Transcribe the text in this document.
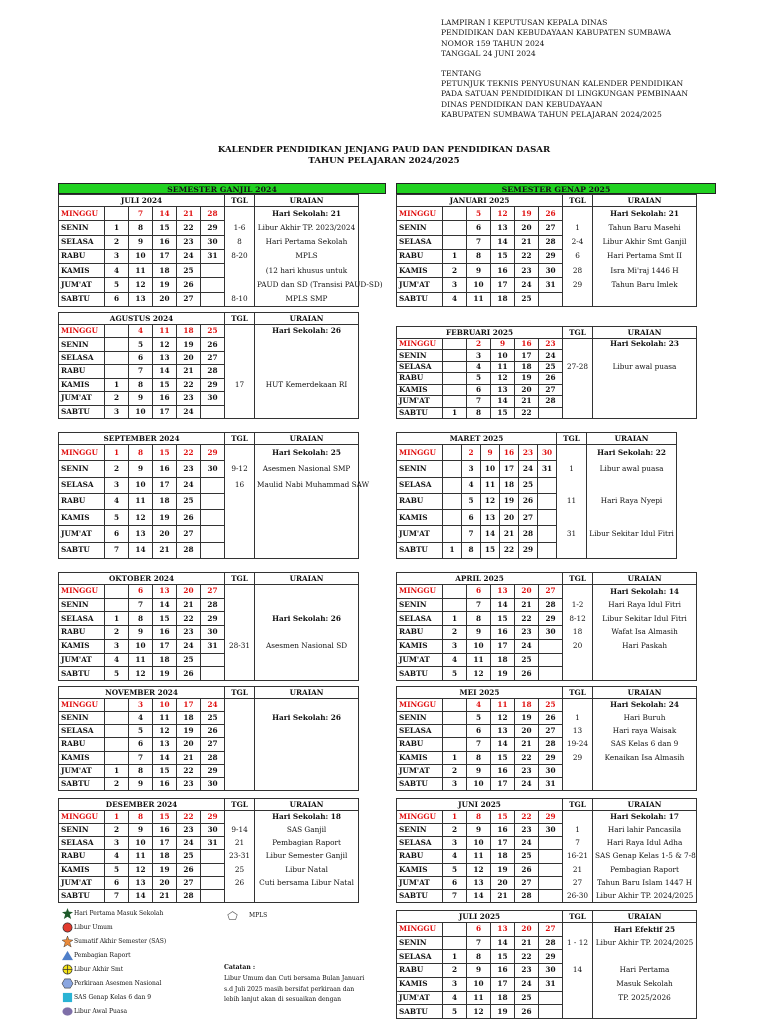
LAMPIRAN I KEPUTUSAN KEPALA DINAS
PENDIDIKAN DAN KEBUDAYAAN KABUPATEN SUMBAWA
NOMOR 159 TAHUN 2024
TANGGAL 24 JUNI 2024
TENTANG
PETUNJUK TEKNIS PENYUSUNAN KALENDER PENDIDIKAN
PADA SATUAN PENDIDIDIKAN DI LINGKUNGAN PEMBINAAN
DINAS PENDIDIKAN DAN KEBUDAYAAN
KABUPATEN SUMBAWA TAHUN PELAJARAN 2024/2025
KALENDER PENDIDIKAN JENJANG PAUD DAN PENDIDIKAN DASAR
TAHUN PELAJARAN 2024/2025
SEMESTER GANJIL 2024	SEMESTER GENAP 2025
JULI 2024						TGL	URAIAN
MINGGU		7	14	21	28		Hari Sekolah: 21
SENIN	1	8	15	22	29	1-6	Libur Akhir TP. 2023/2024
SELASA	2	9	16	23	30	8	Hari Pertama Sekolah
RABU	3	10	17	24	31	8-20	MPLS
KAMIS	4	11	18	25			(12 hari khusus untuk
JUM'AT	5	12	19	26			PAUD dan SD (Transisi PAUD-SD)
SABTU	6	13	20	27		8-10	MPLS SMP
AGUSTUS 2024						TGL	URAIAN
MINGGU		4	11	18	25		Hari Sekolah: 26
SENIN		5	12	19	26		
SELASA		6	13	20	27		
RABU		7	14	21	28		
KAMIS	1	8	15	22	29	17	HUT Kemerdekaan RI
JUM'AT	2	9	16	23	30		
SABTU	3	10	17	24			
SEPTEMBER 2024						TGL	URAIAN
MINGGU	1	8	15	22	29		Hari Sekolah: 25
SENIN	2	9	16	23	30	9-12	Asesmen Nasional SMP
SELASA	3	10	17	24		16	Maulid Nabi Muhammad SAW
RABU	4	11	18	25			
KAMIS	5	12	19	26			
JUM'AT	6	13	20	27			
SABTU	7	14	21	28			
OKTOBER 2024						TGL	URAIAN
MINGGU		6	13	20	27		
SENIN		7	14	21	28		
SELASA	1	8	15	22	29		Hari Sekolah: 26
RABU	2	9	16	23	30		
KAMIS	3	10	17	24	31	28-31	Asesmen Nasional SD
JUM'AT	4	11	18	25			
SABTU	5	12	19	26			
NOVEMBER 2024						TGL	URAIAN
MINGGU		3	10	17	24		
SENIN		4	11	18	25		Hari Sekolah: 26
SELASA		5	12	19	26		
RABU		6	13	20	27		
KAMIS		7	14	21	28		
JUM'AT	1	8	15	22	29		
SABTU	2	9	16	23	30		
DESEMBER 2024						TGL	URAIAN
MINGGU	1	8	15	22	29		Hari Sekolah: 18
SENIN	2	9	16	23	30	9-14	SAS Ganjil
SELASA	3	10	17	24	31	21	Pembagian Raport
RABU	4	11	18	25		23-31	Libur Semester Ganjil
KAMIS	5	12	19	26		25	Libur Natal
JUM'AT	6	13	20	27		26	Cuti bersama Libur Natal
SABTU	7	14	21	28			
JANUARI 2025						TGL	URAIAN
MINGGU		5	12	19	26		Hari Sekolah: 21
SENIN		6	13	20	27	1	Tahun Baru Masehi
SELASA		7	14	21	28	2-4	Libur Akhir Smt Ganjil
RABU	1	8	15	22	29	6	Hari Pertama Smt II
KAMIS	2	9	16	23	30	28	Isra Mi'raj 1446 H
JUM'AT	3	10	17	24	31	29	Tahun Baru Imlek
SABTU	4	11	18	25			
FEBRUARI 2025						TGL	URAIAN
MINGGU		2	9	16	23		Hari Sekolah: 23
SENIN		3	10	17	24		
SELASA		4	11	18	25	27-28	Libur awal puasa
RABU		5	12	19	26		
KAMIS		6	13	20	27		
JUM'AT		7	14	21	28		
SABTU	1	8	15	22			
MARET 2025							TGL	URAIAN
MINGGU		2	9	16	23	30		Hari Sekolah: 22
SENIN		3	10	17	24	31	1	Libur awal puasa
SELASA		4	11	18	25			
RABU		5	12	19	26		11	Hari Raya Nyepi
KAMIS		6	13	20	27			
JUM'AT		7	14	21	28		31	Libur Sekitar Idul Fitri
SABTU	1	8	15	22	29			
APRIL 2025						TGL	URAIAN
MINGGU		6	13	20	27		Hari Sekolah: 14
SENIN		7	14	21	28	1-2	Hari Raya Idul Fitri
SELASA	1	8	15	22	29	8-12	Libur Sekitar Idul Fitri
RABU	2	9	16	23	30	18	Wafat Isa Almasih
KAMIS	3	10	17	24		20	Hari Paskah
JUM'AT	4	11	18	25			
SABTU	5	12	19	26			
MEI 2025						TGL	URAIAN
MINGGU		4	11	18	25		Hari Sekolah: 24
SENIN		5	12	19	26	1	Hari Buruh
SELASA		6	13	20	27	13	Hari raya Waisak
RABU		7	14	21	28	19-24	SAS Kelas 6 dan 9
KAMIS	1	8	15	22	29	29	Kenaikan Isa Almasih
JUM'AT	2	9	16	23	30		
SABTU	3	10	17	24	31		
JUNI 2025						TGL	URAIAN
MINGGU	1	8	15	22	29		Hari Sekolah: 17
SENIN	2	9	16	23	30	1	Hari lahir Pancasila
SELASA	3	10	17	24		7	Hari Raya Idul Adha
RABU	4	11	18	25		16-21	SAS Genap Kelas 1-5 & 7-8
KAMIS	5	12	19	26		21	Pembagian Raport
JUM'AT	6	13	20	27		27	Tahun Baru Islam 1447 H
SABTU	7	14	21	28		26-30	Libur Akhir TP. 2024/2025
JULI 2025						TGL	URAIAN
MINGGU		6	13	20	27		Hari Efektif 25
SENIN		7	14	21	28	1 - 12	Libur Akhir TP. 2024/2025
SELASA	1	8	15	22	29		
RABU	2	9	16	23	30	14	Hari Pertama
KAMIS	3	10	17	24	31		Masuk Sekolah
JUM'AT	4	11	18	25			TP. 2025/2026
SABTU	5	12	19	26			
Hari Pertama Masuk Sekolah
Libur Umum
Sumatif Akhir Semester (SAS)
Pembagian Raport
Libur Akhir Smt
Perkiraan Asesmen Nasional
SAS Genap Kelas 6 dan 9
Libur Awal Puasa
MPLS
Catatan :
Libur Umum dan Cuti bersama Bulan Januari
s.d Juli 2025 masih bersifat perkiraan dan
lebih lanjut akan di sesuaikan dengan
